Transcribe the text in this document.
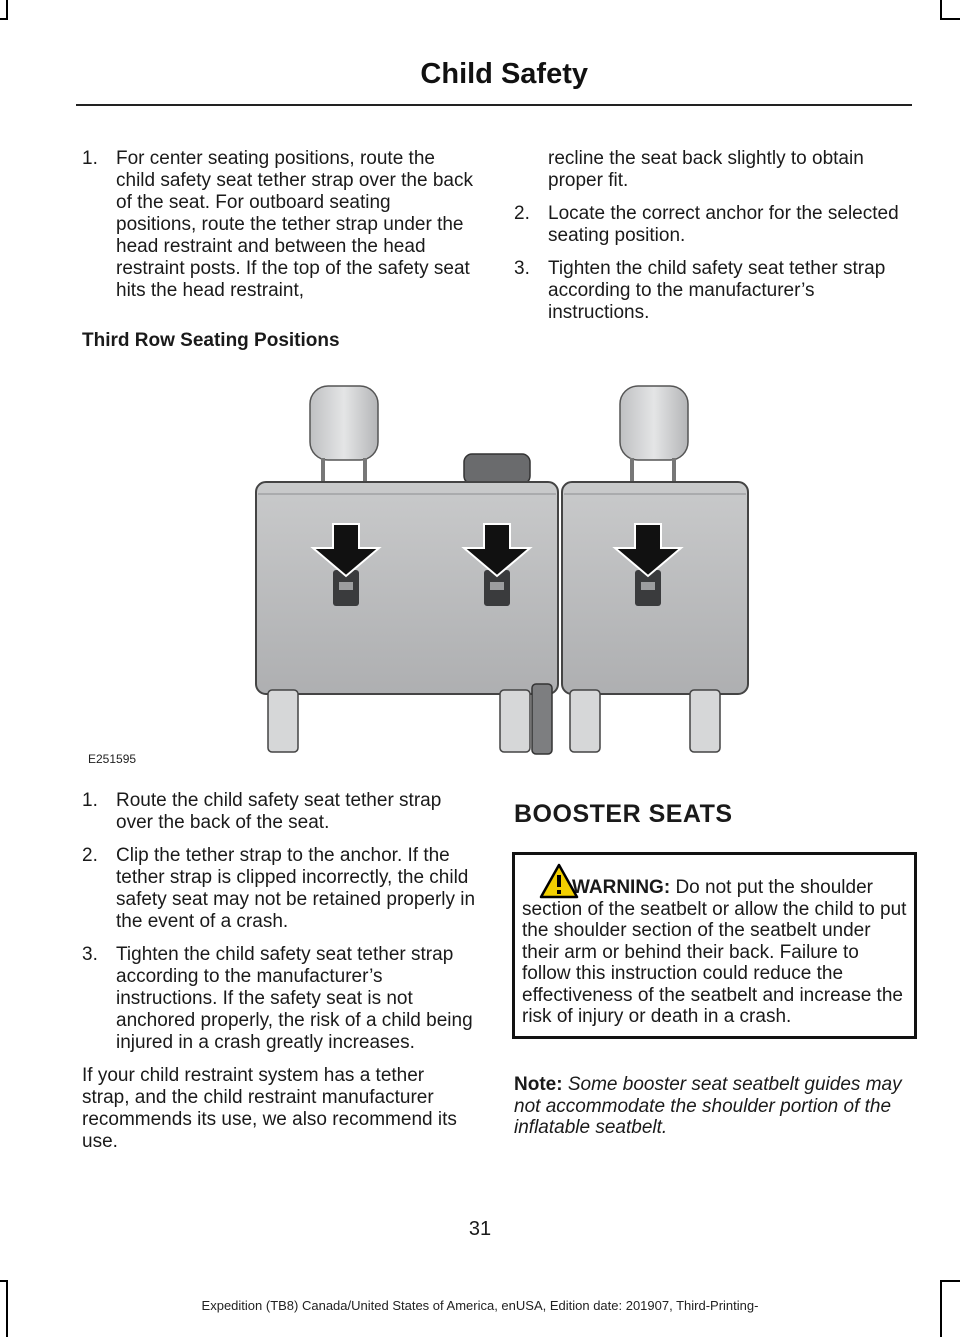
Child Safety
1. For center seating positions, route the child safety seat tether strap over the back of the seat. For outboard seating positions, route the tether strap under the head restraint and between the head restraint posts. If the top of the safety seat hits the head restraint,
recline the seat back slightly to obtain proper fit.
2. Locate the correct anchor for the selected seating position.
3. Tighten the child safety seat tether strap according to the manufacturer’s instructions.
Third Row Seating Positions
E251595
1. Route the child safety seat tether strap over the back of the seat.
2. Clip the tether strap to the anchor. If the tether strap is clipped incorrectly, the child safety seat may not be retained properly in the event of a crash.
3. Tighten the child safety seat tether strap according to the manufacturer’s instructions. If the safety seat is not anchored properly, the risk of a child being injured in a crash greatly increases.

If your child restraint system has a tether strap, and the child restraint manufacturer recommends its use, we also recommend its use.

BOOSTER SEATS
WARNING: Do not put the shoulder section of the seatbelt or allow the child to put the shoulder section of the seatbelt under their arm or behind their back. Failure to follow this instruction could reduce the effectiveness of the seatbelt and increase the risk of injury or death in a crash.
Note: Some booster seat seatbelt guides may not accommodate the shoulder portion of the inflatable seatbelt.
31
Expedition (TB8) Canada/United States of America, enUSA, Edition date: 201907, Third-Printing-
